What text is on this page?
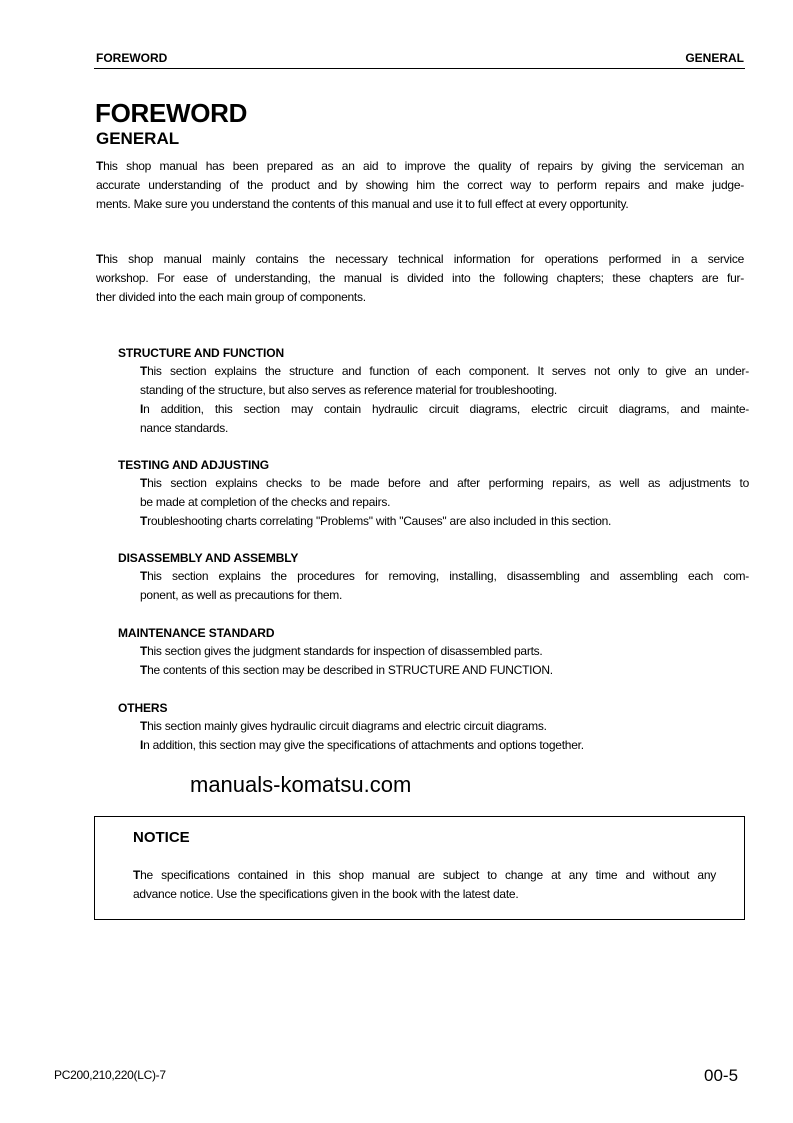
FOREWORD	GENERAL
FOREWORD
GENERAL
This shop manual has been prepared as an aid to improve the quality of repairs by giving the serviceman an
accurate understanding of the product and by showing him the correct way to perform repairs and make judge-
ments. Make sure you understand the contents of this manual and use it to full effect at every opportunity.
This shop manual mainly contains the necessary technical information for operations performed in a service
workshop. For ease of understanding, the manual is divided into the following chapters; these chapters are fur-
ther divided into the each main group of components.
STRUCTURE AND FUNCTION
This section explains the structure and function of each component. It serves not only to give an under-
standing of the structure, but also serves as reference material for troubleshooting.
In addition, this section may contain hydraulic circuit diagrams, electric circuit diagrams, and mainte-
nance standards.
TESTING AND ADJUSTING
This section explains checks to be made before and after performing repairs, as well as adjustments to
be made at completion of the checks and repairs.
Troubleshooting charts correlating "Problems" with "Causes" are also included in this section.
DISASSEMBLY AND ASSEMBLY
This section explains the procedures for removing, installing, disassembling and assembling each com-
ponent, as well as precautions for them.
MAINTENANCE STANDARD
This section gives the judgment standards for inspection of disassembled parts.
The contents of this section may be described in STRUCTURE AND FUNCTION.
OTHERS
This section mainly gives hydraulic circuit diagrams and electric circuit diagrams.
In addition, this section may give the specifications of attachments and options together.
The specifications contained in this shop manual are subject to change at any time and without any
advance notice. Use the specifications given in the book with the latest date.
manuals-komatsu.com
NOTICE
PC200,210,220(LC)-7	00-5
